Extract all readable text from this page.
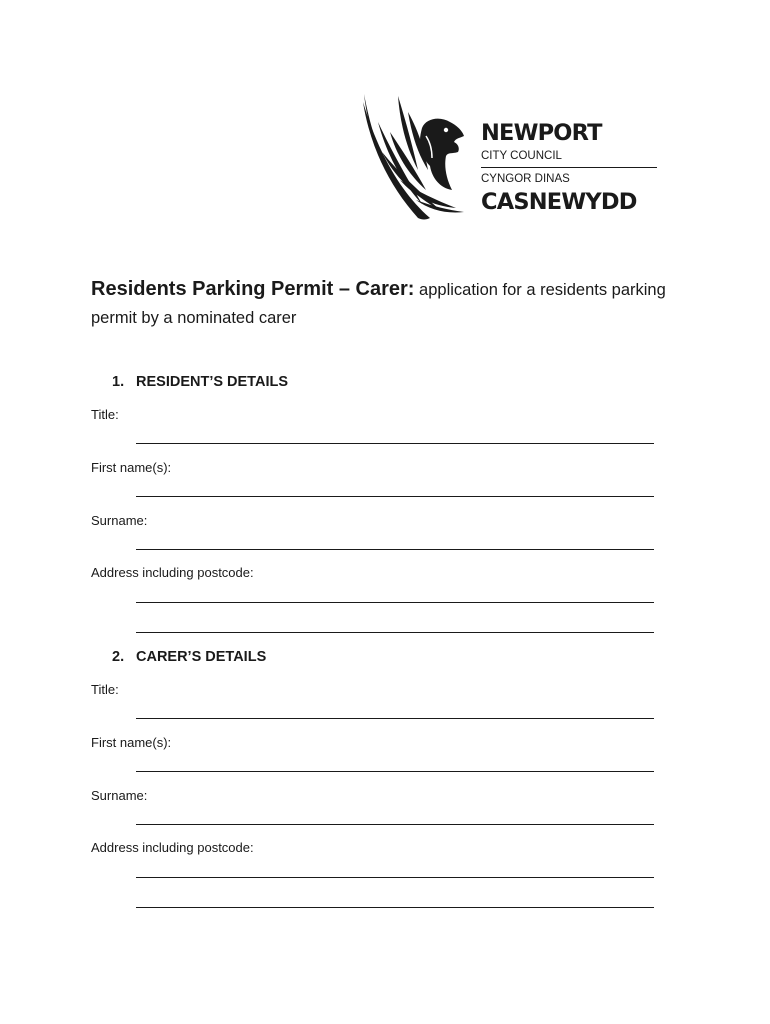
NEWPORT
CITY COUNCIL
CYNGOR DINAS
CASNEWYDD
Residents Parking Permit – Carer: application for a residents parking permit by a nominated carer
1. RESIDENT’S DETAILS
Title:
First name(s):
Surname:
Address including postcode:
2. CARER’S DETAILS
Title:
First name(s):
Surname:
Address including postcode:
